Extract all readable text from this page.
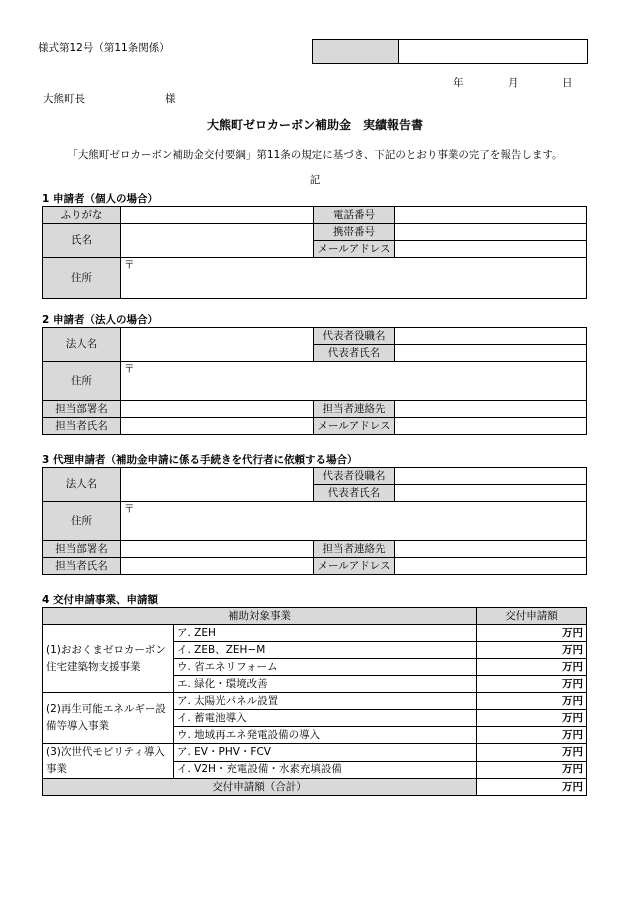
様式第12号（第11条関係）
年	月	日
大熊町長	様
大熊町ゼロカーボン補助金　実績報告書
「大熊町ゼロカーボン補助金交付要綱」第11条の規定に基づき、下記のとおり事業の完了を報告します。
記
1 申請者（個人の場合）
ふりがな		電話番号	
氏名		携帯番号	
		メールアドレス	
住所	〒		
2 申請者（法人の場合）
法人名		代表者役職名	
		代表者氏名	
住所	〒		
担当部署名		担当者連絡先	
担当者氏名		メールアドレス	
3 代理申請者（補助金申請に係る手続きを代行者に依頼する場合）
法人名		代表者役職名	
		代表者氏名	
住所	〒		
担当部署名		担当者連絡先	
担当者氏名		メールアドレス	
4 交付申請事業、申請額
補助対象事業		交付申請額
(1)おおくまゼロカーボン住宅建築物支援事業	ア. ZEH	万円
	イ. ZEB、ZEH−M	万円
	ウ. 省エネリフォーム	万円
	エ. 緑化・環境改善	万円
(2)再生可能エネルギー設備等導入事業	ア. 太陽光パネル設置	万円
	イ. 蓄電池導入	万円
	ウ. 地域再エネ発電設備の導入	万円
(3)次世代モビリティ導入事業	ア. EV・PHV・FCV	万円
	イ. V2H・充電設備・水素充填設備	万円
交付申請額（合計）		万円
